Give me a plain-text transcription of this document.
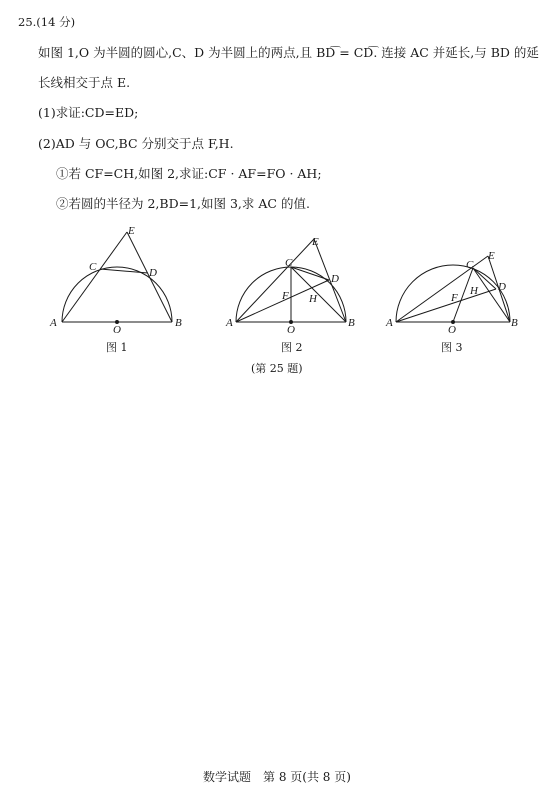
25.(14 分)
如图 1,O 为半圆的圆心,C、D 为半圆上的两点,且 BD͡ = CD͡. 连接 AC 并延长,与 BD 的延
长线相交于点 E.
(1)求证:CD=ED;
(2)AD 与 OC,BC 分别交于点 F,H.
①若 CF=CH,如图 2,求证:CF · AF=FO · AH;
②若圆的半径为 2,BD=1,如图 3,求 AC 的值.
A	B
C	D
E
O
A	B
C
D
E
F H
O
A	B
C
D
E
F
H
O
图 1	图 2	图 3
(第 25 题)
数学试题　第 8 页(共 8 页)
